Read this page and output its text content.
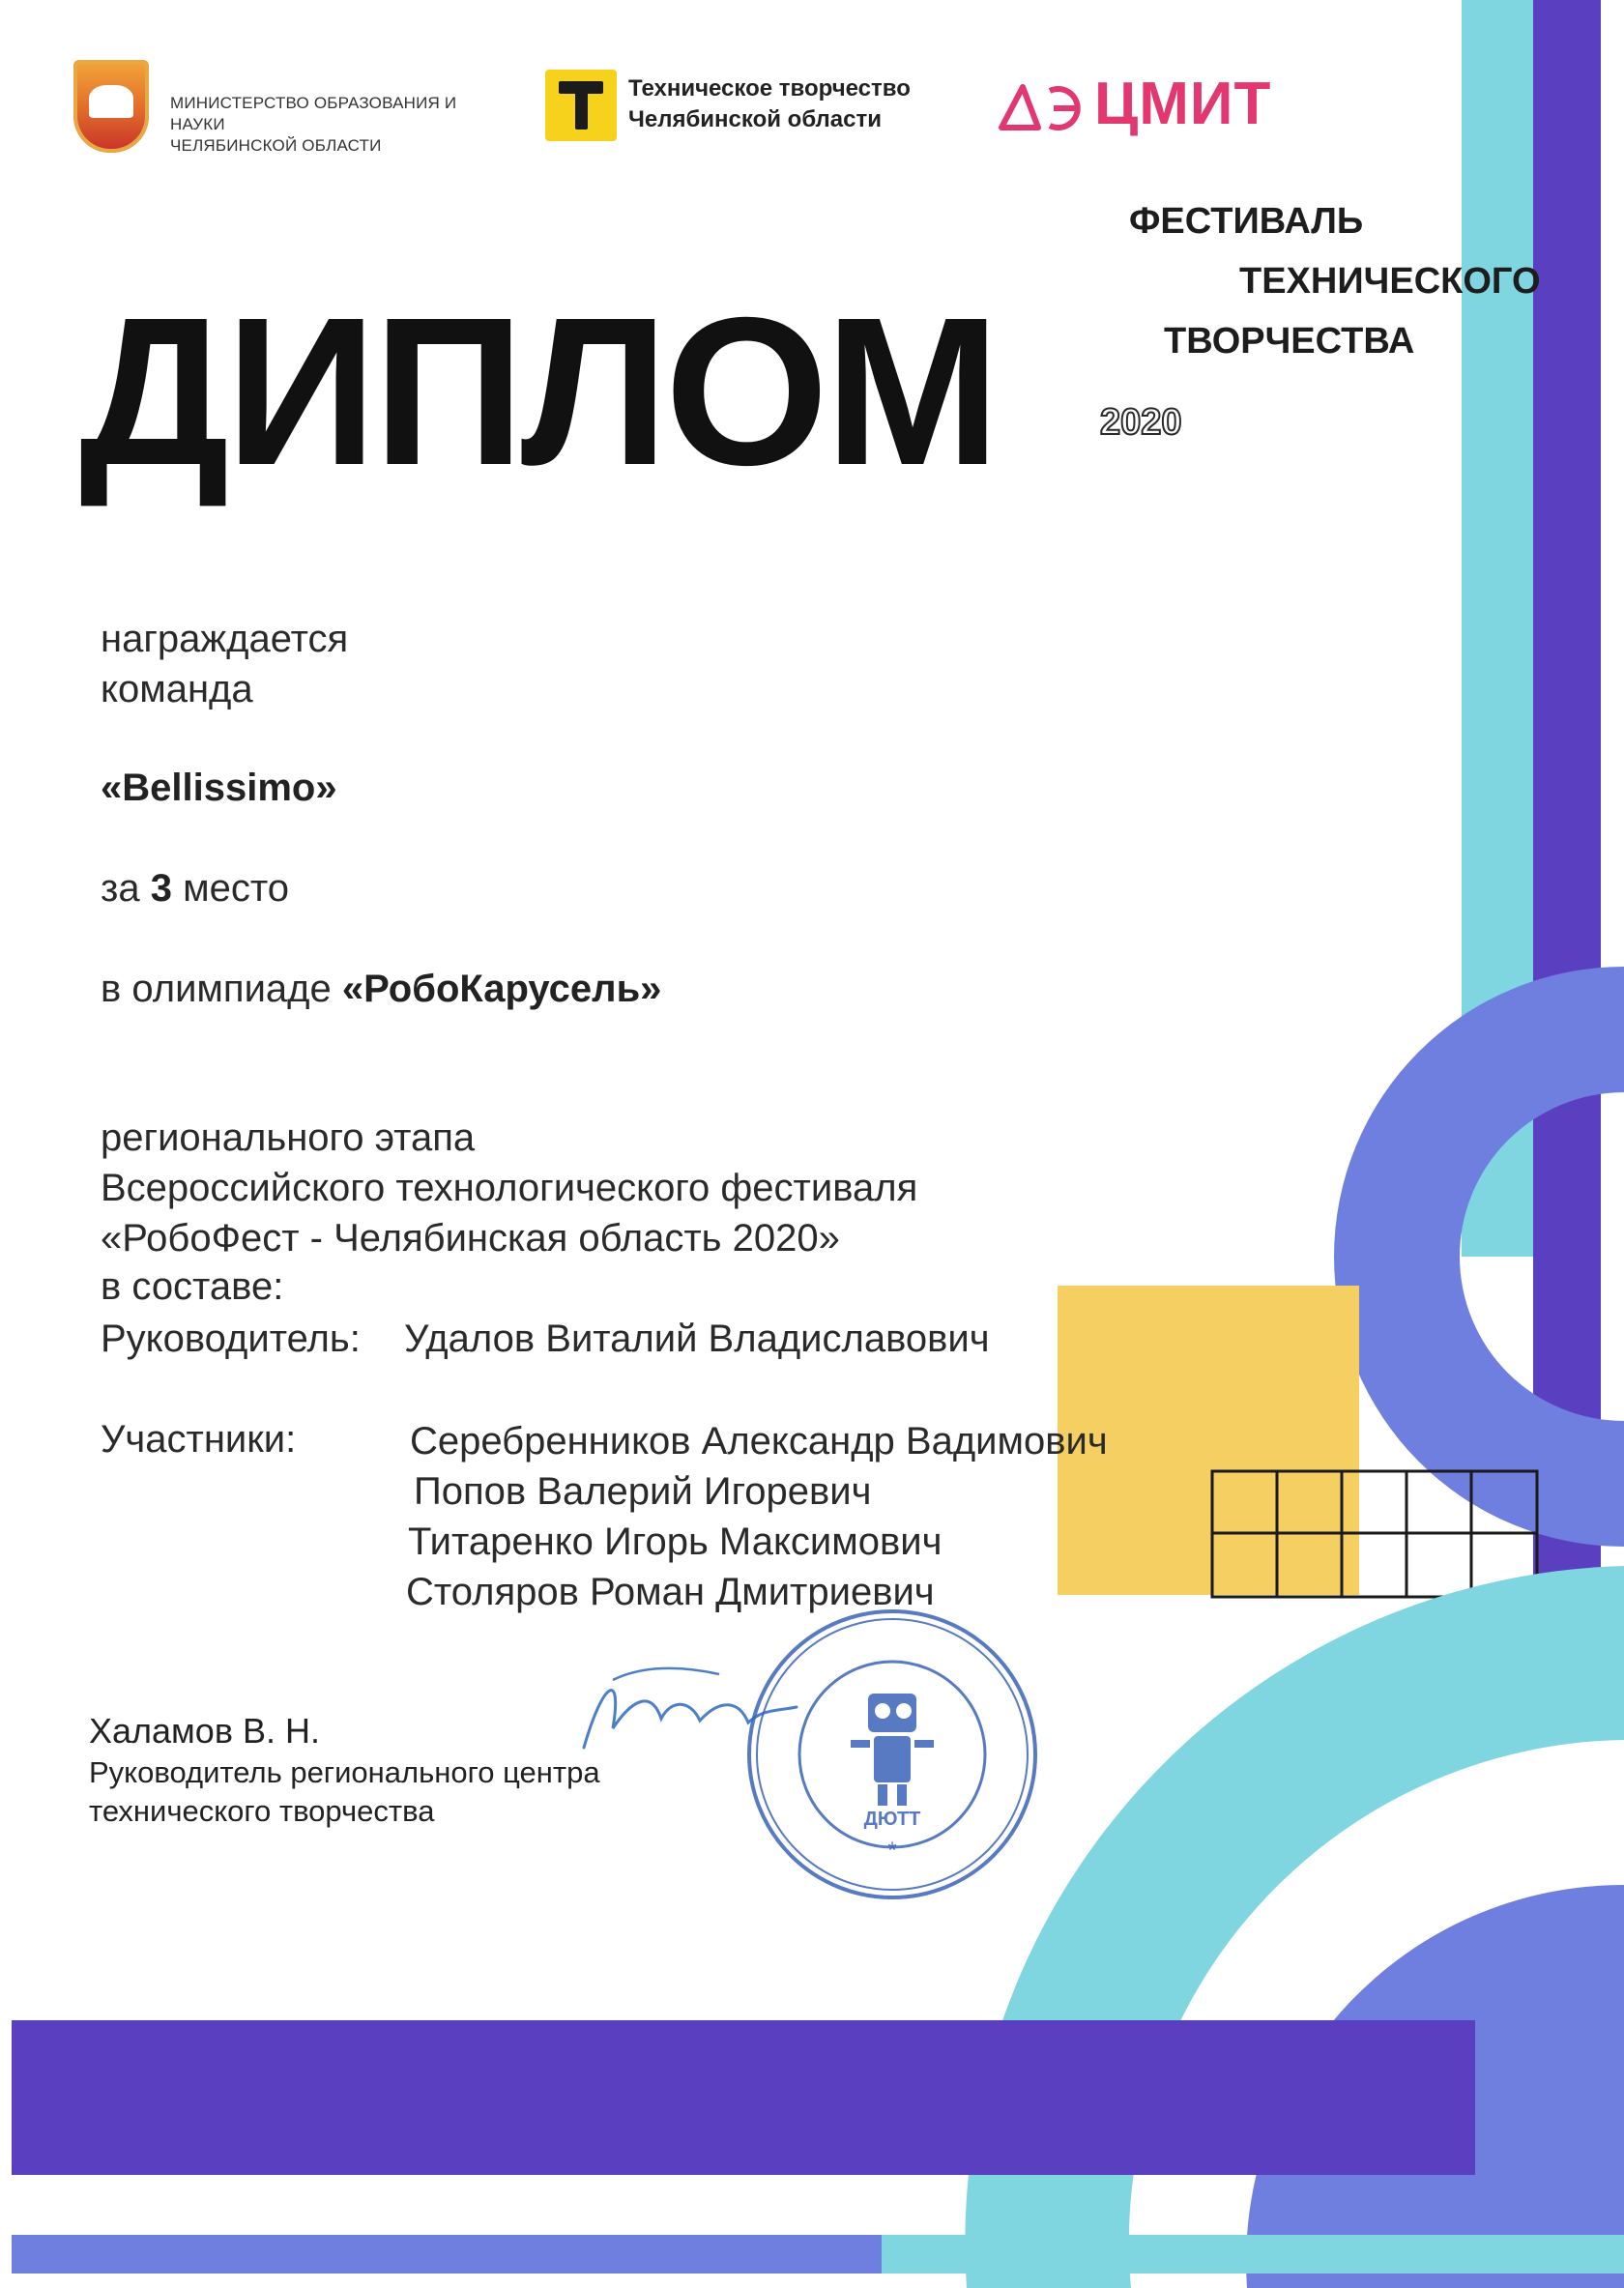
МИНИСТЕРСТВО ОБРАЗОВАНИЯ И НАУКИ
ЧЕЛЯБИНСКОЙ ОБЛАСТИ
Техническое творчество
Челябинской области	ЦМИТ
ФЕСТИВАЛЬ
ТЕХНИЧЕСКОГО
ТВОРЧЕСТВА
2020
ДИПЛОМ
награждается
команда
«Bellissimo»
за 3 место
в олимпиаде «РобоКарусель»
регионального этапа
Всероссийского технологического фестиваля
«РобоФест - Челябинская область 2020»
в составе:
Руководитель: Удалов Виталий Владиславович
Участники:	Серебренников Александр Вадимович
Попов Валерий Игоревич
Титаренко Игорь Максимович
Столяров Роман Дмитриевич
Халамов В. Н.
Руководитель регионального центра
технического творчества	ДЮТТ
*
